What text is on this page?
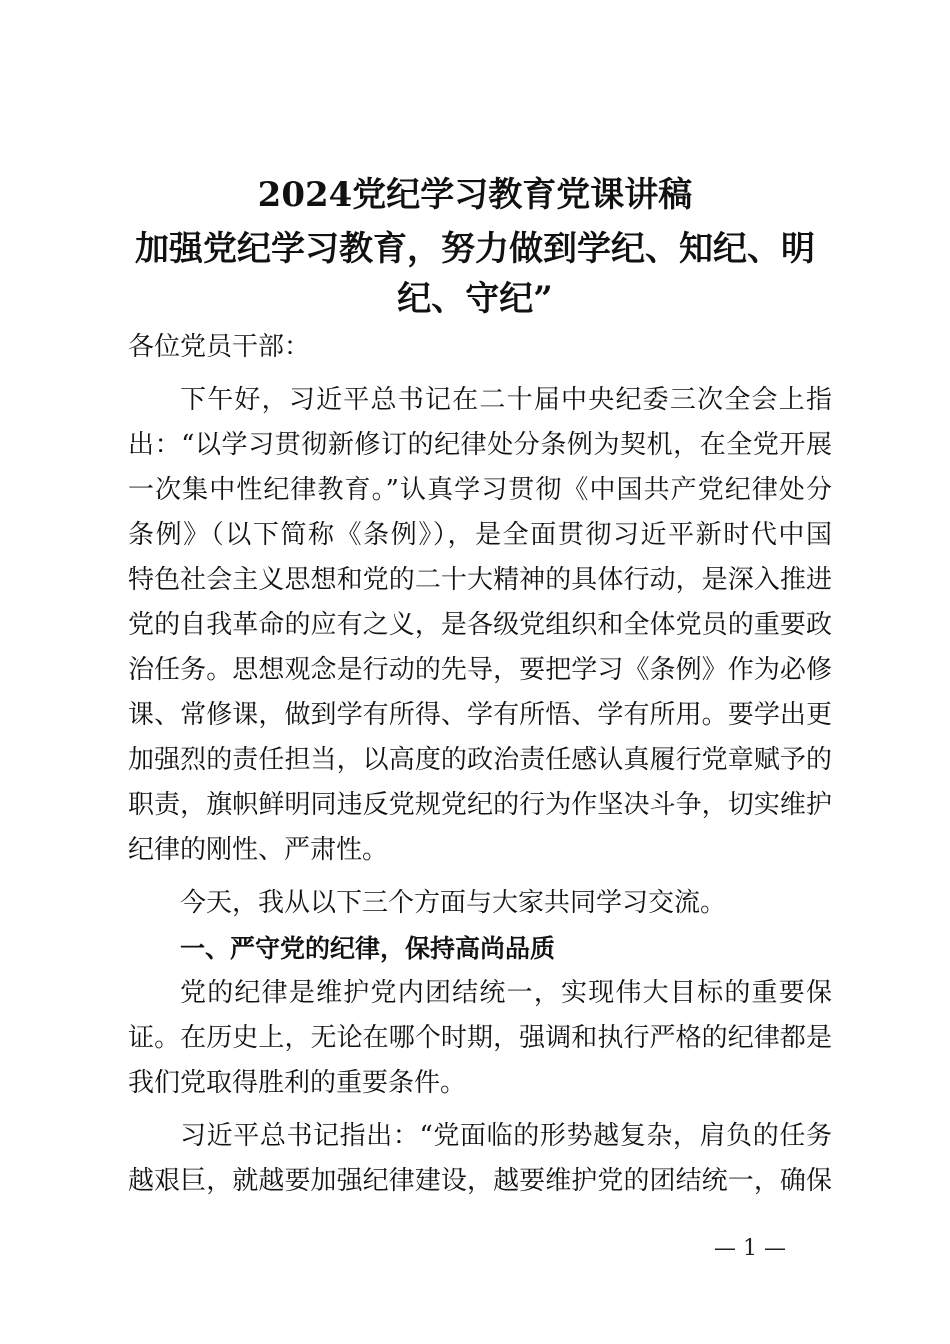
2024党纪学习教育党课讲稿
加强党纪学习教育，努力做到学纪、知纪、明
纪、守纪”
各位党员干部：
下午好，习近平总书记在二十届中央纪委三次全会上指
出：“以学习贯彻新修订的纪律处分条例为契机，在全党开展
一次集中性纪律教育。”认真学习贯彻《中国共产党纪律处分
条例》（以下简称《条例》），是全面贯彻习近平新时代中国
特色社会主义思想和党的二十大精神的具体行动，是深入推进
党的自我革命的应有之义，是各级党组织和全体党员的重要政
治任务。思想观念是行动的先导，要把学习《条例》作为必修
课、常修课，做到学有所得、学有所悟、学有所用。要学出更
加强烈的责任担当，以高度的政治责任感认真履行党章赋予的
职责，旗帜鲜明同违反党规党纪的行为作坚决斗争，切实维护
纪律的刚性、严肃性。
今天，我从以下三个方面与大家共同学习交流。
一、严守党的纪律，保持高尚品质
党的纪律是维护党内团结统一，实现伟大目标的重要保
证。在历史上，无论在哪个时期，强调和执行严格的纪律都是
我们党取得胜利的重要条件。
习近平总书记指出：“党面临的形势越复杂，肩负的任务
越艰巨，就越要加强纪律建设，越要维护党的团结统一，确保
— 1 —
